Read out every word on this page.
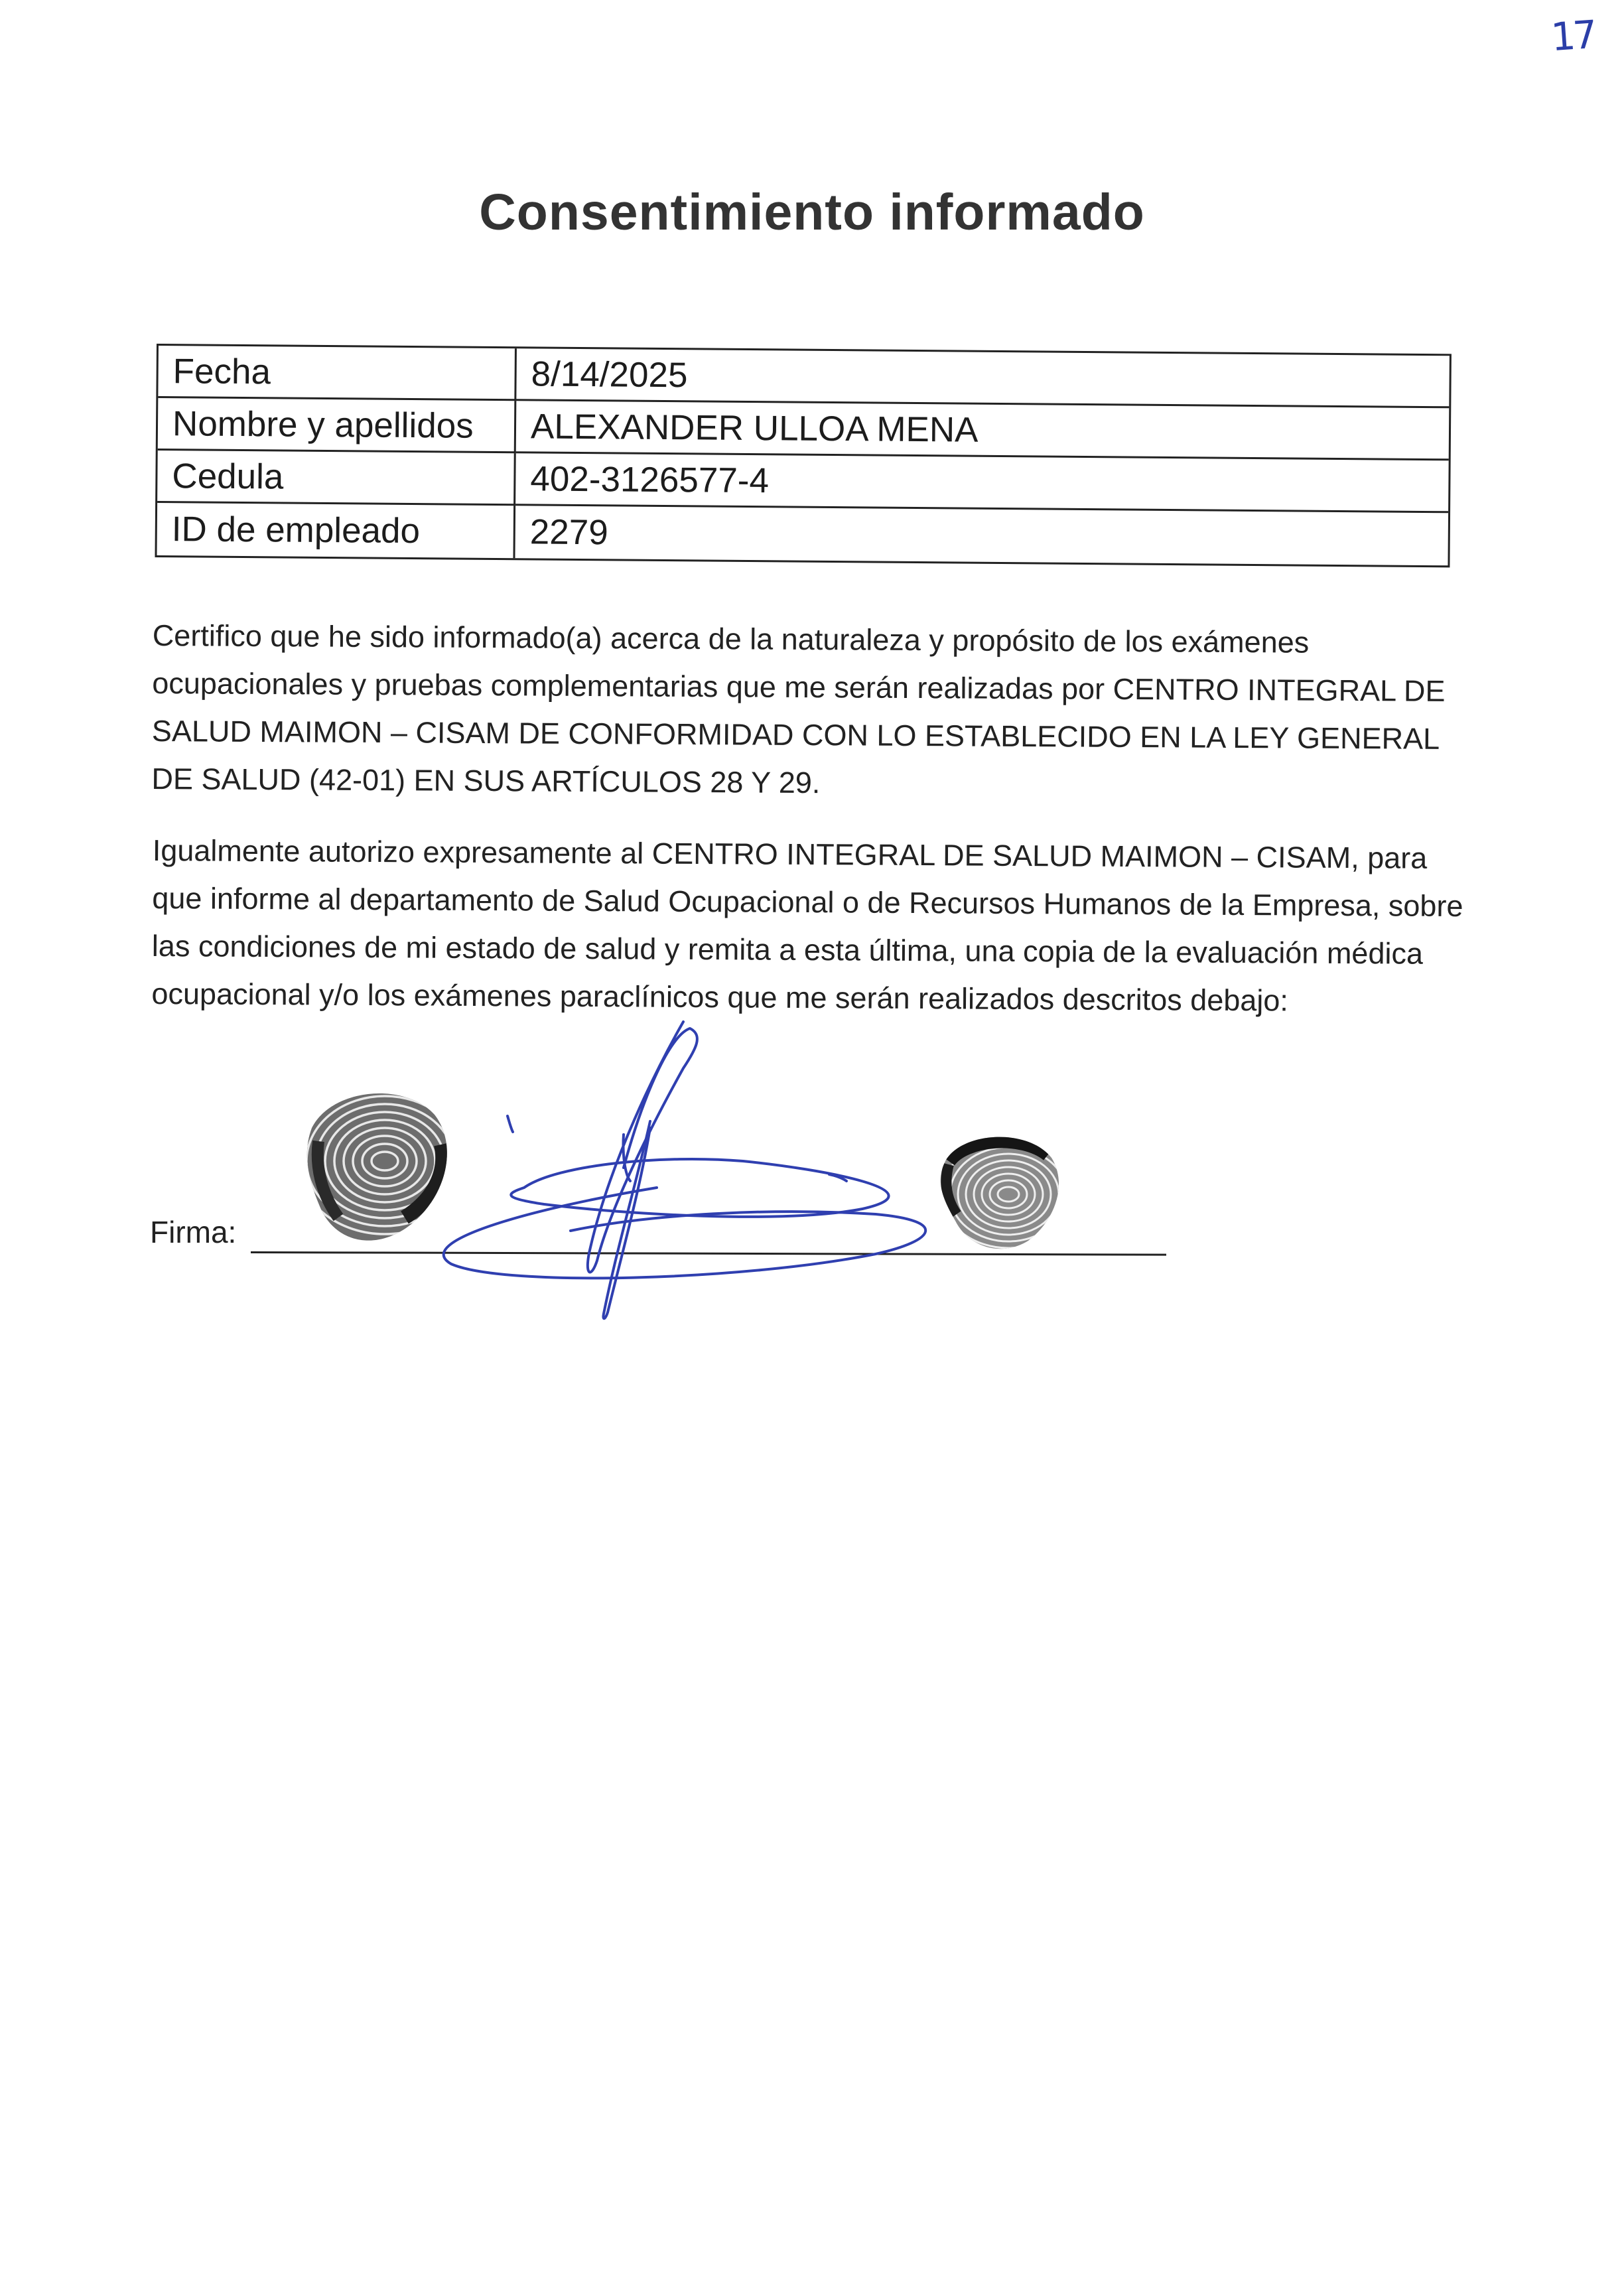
17
Consentimiento informado
Fecha	8/14/2025
Nombre y apellidos	ALEXANDER ULLOA MENA
Cedula	402-3126577-4
ID de empleado	2279

Certifico que he sido informado(a) acerca de la naturaleza y propósito de los exámenes ocupacionales y pruebas complementarias que me serán realizadas por CENTRO INTEGRAL DE SALUD MAIMON – CISAM DE CONFORMIDAD CON LO ESTABLECIDO EN LA LEY GENERAL DE SALUD (42-01) EN SUS ARTÍCULOS 28 Y 29.

Igualmente autorizo expresamente al CENTRO INTEGRAL DE SALUD MAIMON – CISAM, para que informe al departamento de Salud Ocupacional o de Recursos Humanos de la Empresa, sobre las condiciones de mi estado de salud y remita a esta última, una copia de la evaluación médica ocupacional y/o los exámenes paraclínicos que me serán realizados descritos debajo:

Firma:
